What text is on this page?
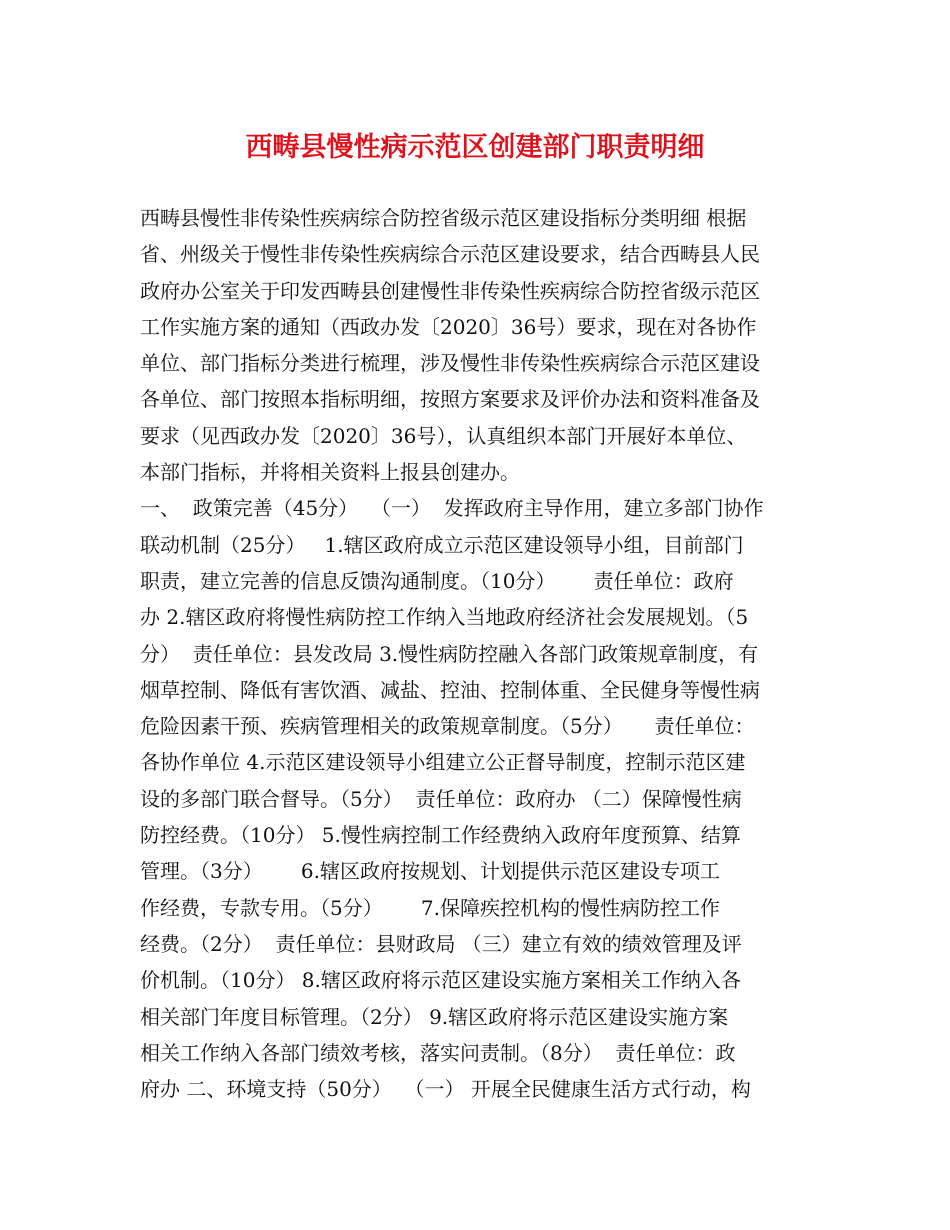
西畴县慢性病示范区创建部门职责明细
西畴县慢性非传染性疾病综合防控省级示范区建设指标分类明细 根据
省、州级关于慢性非传染性疾病综合示范区建设要求，结合西畴县人民
政府办公室关于印发西畴县创建慢性非传染性疾病综合防控省级示范区
工作实施方案的通知（西政办发〔2020〕36号）要求，现在对各协作
单位、部门指标分类进行梳理，涉及慢性非传染性疾病综合示范区建设
各单位、部门按照本指标明细，按照方案要求及评价办法和资料准备及
要求（见西政办发〔2020〕36号），认真组织本部门开展好本单位、
本部门指标，并将相关资料上报县创建办。
一、  政策完善（45分）  （一）  发挥政府主导作用，建立多部门协作
联动机制（25分）   1.辖区政府成立示范区建设领导小组，目前部门
职责，建立完善的信息反馈沟通制度。（10分）      责任单位：政府
办 2.辖区政府将慢性病防控工作纳入当地政府经济社会发展规划。（5
分）  责任单位：县发改局 3.慢性病防控融入各部门政策规章制度，有
烟草控制、降低有害饮酒、减盐、控油、控制体重、全民健身等慢性病
危险因素干预、疾病管理相关的政策规章制度。（5分）     责任单位：
各协作单位 4.示范区建设领导小组建立公正督导制度，控制示范区建
设的多部门联合督导。（5分）  责任单位：政府办 （二）保障慢性病
防控经费。（10分） 5.慢性病控制工作经费纳入政府年度预算、结算
管理。（3分）      6.辖区政府按规划、计划提供示范区建设专项工
作经费，专款专用。（5分）      7.保障疾控机构的慢性病防控工作
经费。（2分）  责任单位：县财政局 （三）建立有效的绩效管理及评
价机制。（10分） 8.辖区政府将示范区建设实施方案相关工作纳入各
相关部门年度目标管理。（2分） 9.辖区政府将示范区建设实施方案
相关工作纳入各部门绩效考核，落实问责制。（8分）  责任单位：政
府办 二、环境支持（50分）  （一） 开展全民健康生活方式行动，构
